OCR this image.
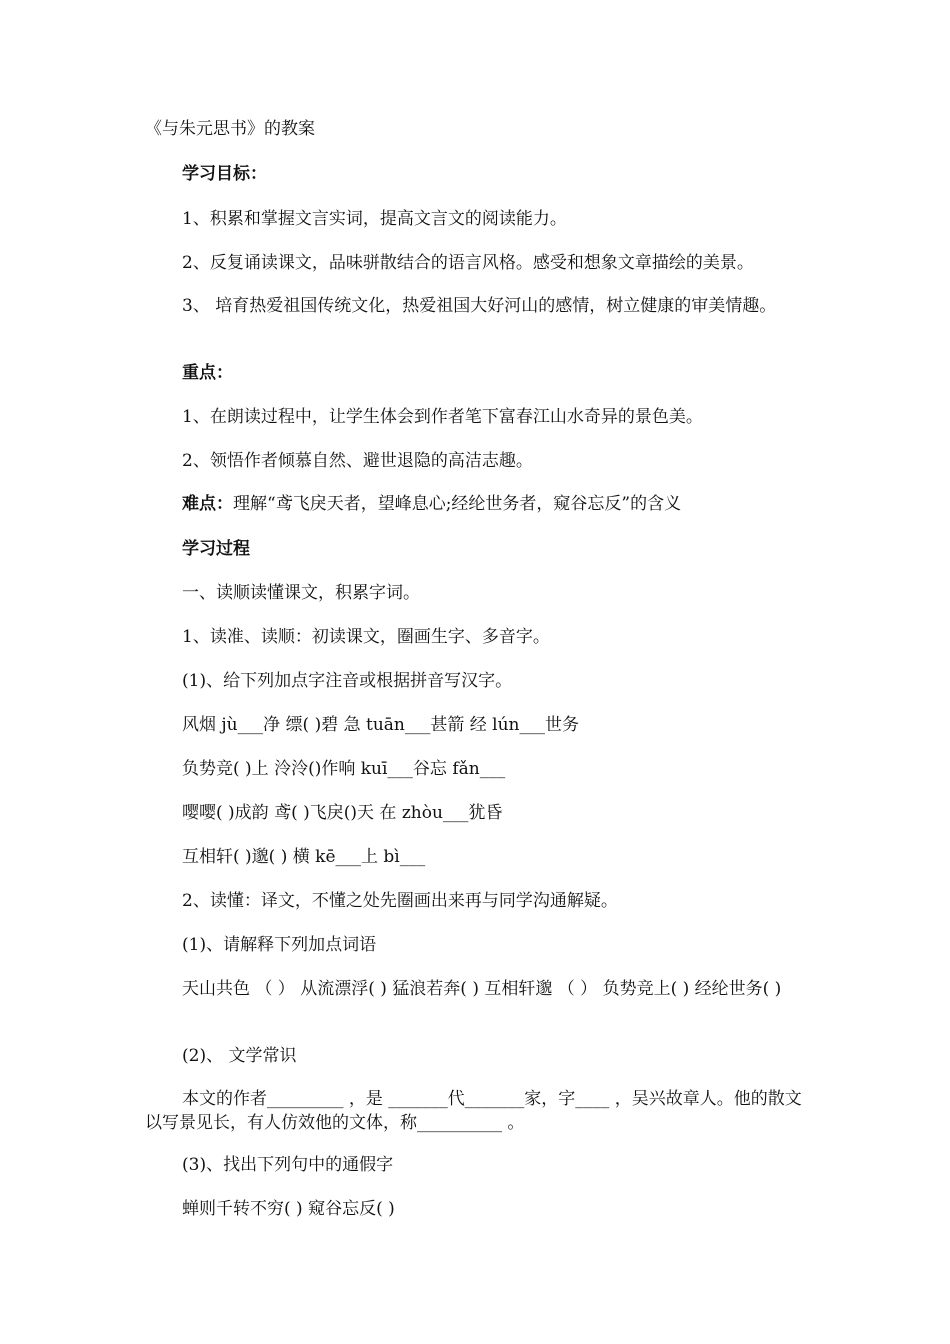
《与朱元思书》的教案
学习目标：
1、积累和掌握文言实词，提高文言文的阅读能力。
2、反复诵读课文，品味骈散结合的语言风格。感受和想象文章描绘的美景。
3、 培育热爱祖国传统文化，热爱祖国大好河山的感情，树立健康的审美情趣。
重点：
1、在朗读过程中，让学生体会到作者笔下富春江山水奇异的景色美。
2、领悟作者倾慕自然、避世退隐的高洁志趣。
难点：理解“鸢飞戾天者，望峰息心;经纶世务者，窥谷忘反”的含义
学习过程
一、读顺读懂课文，积累字词。
1、读准、读顺：初读课文，圈画生字、多音字。
(1)、给下列加点字注音或根据拼音写汉字。
风烟 jù___净 缥( )碧 急 tuān___甚箭 经 lún___世务
负势竞( )上 泠泠()作响 kuī___谷忘 fǎn___
嘤嘤( )成韵 鸢( )飞戾()天 在 zhòu___犹昏
互相轩( )邈( ) 横 kē___上 bì___
2、读懂：译文，不懂之处先圈画出来再与同学沟通解疑。
(1)、请解释下列加点词语
天山共色 （ ） 从流漂浮( ) 猛浪若奔( ) 互相轩邈 （ ） 负势竞上( ) 经纶世务( )
(2)、 文学常识
本文的作者_________ ，是 _______代_______家，字____ ，吴兴故章人。他的散文以写景见长，有人仿效他的文体，称__________ 。
(3)、找出下列句中的通假字
蝉则千转不穷( ) 窥谷忘反( )
